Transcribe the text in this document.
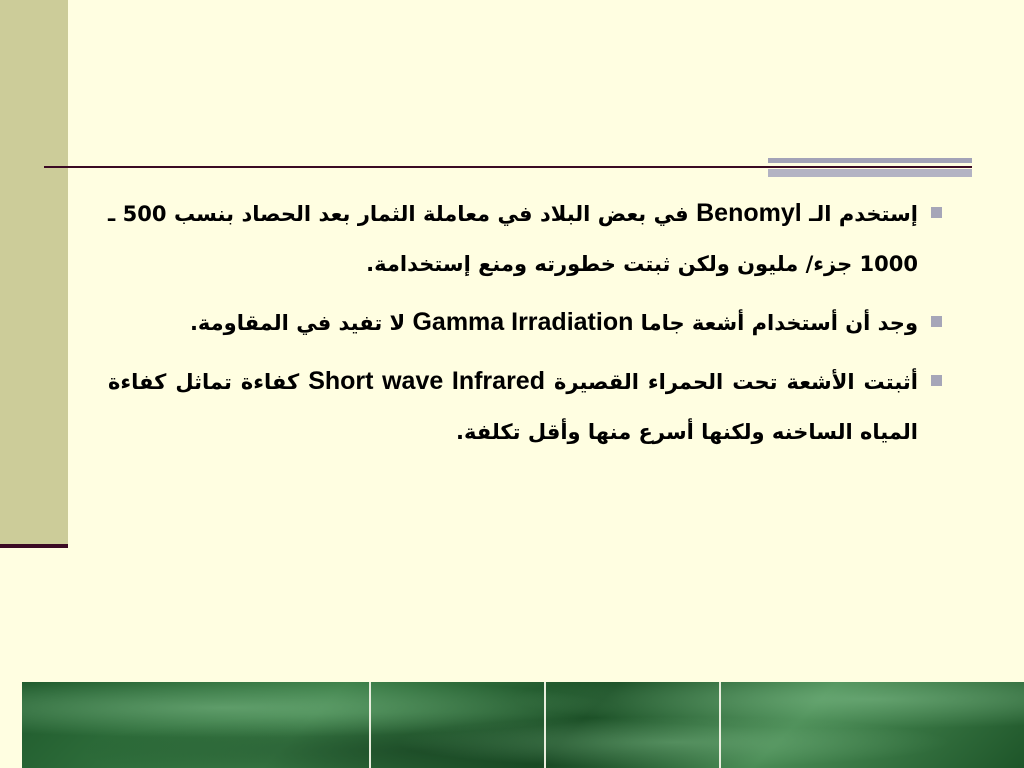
إستخدم الـ Benomyl في بعض البلاد في معاملة الثمار بعد الحصاد بنسب 500 ـ 1000 جزء/ مليون ولكن ثبتت خطورته ومنع إستخدامة.
وجد أن أستخدام أشعة جاما Gamma Irradiation لا تفيد في المقاومة.
أثبتت الأشعة تحت الحمراء القصيرة Short wave Infrared كفاءة تماثل كفاءة المياه الساخنه ولكنها أسرع منها وأقل تكلفة.
